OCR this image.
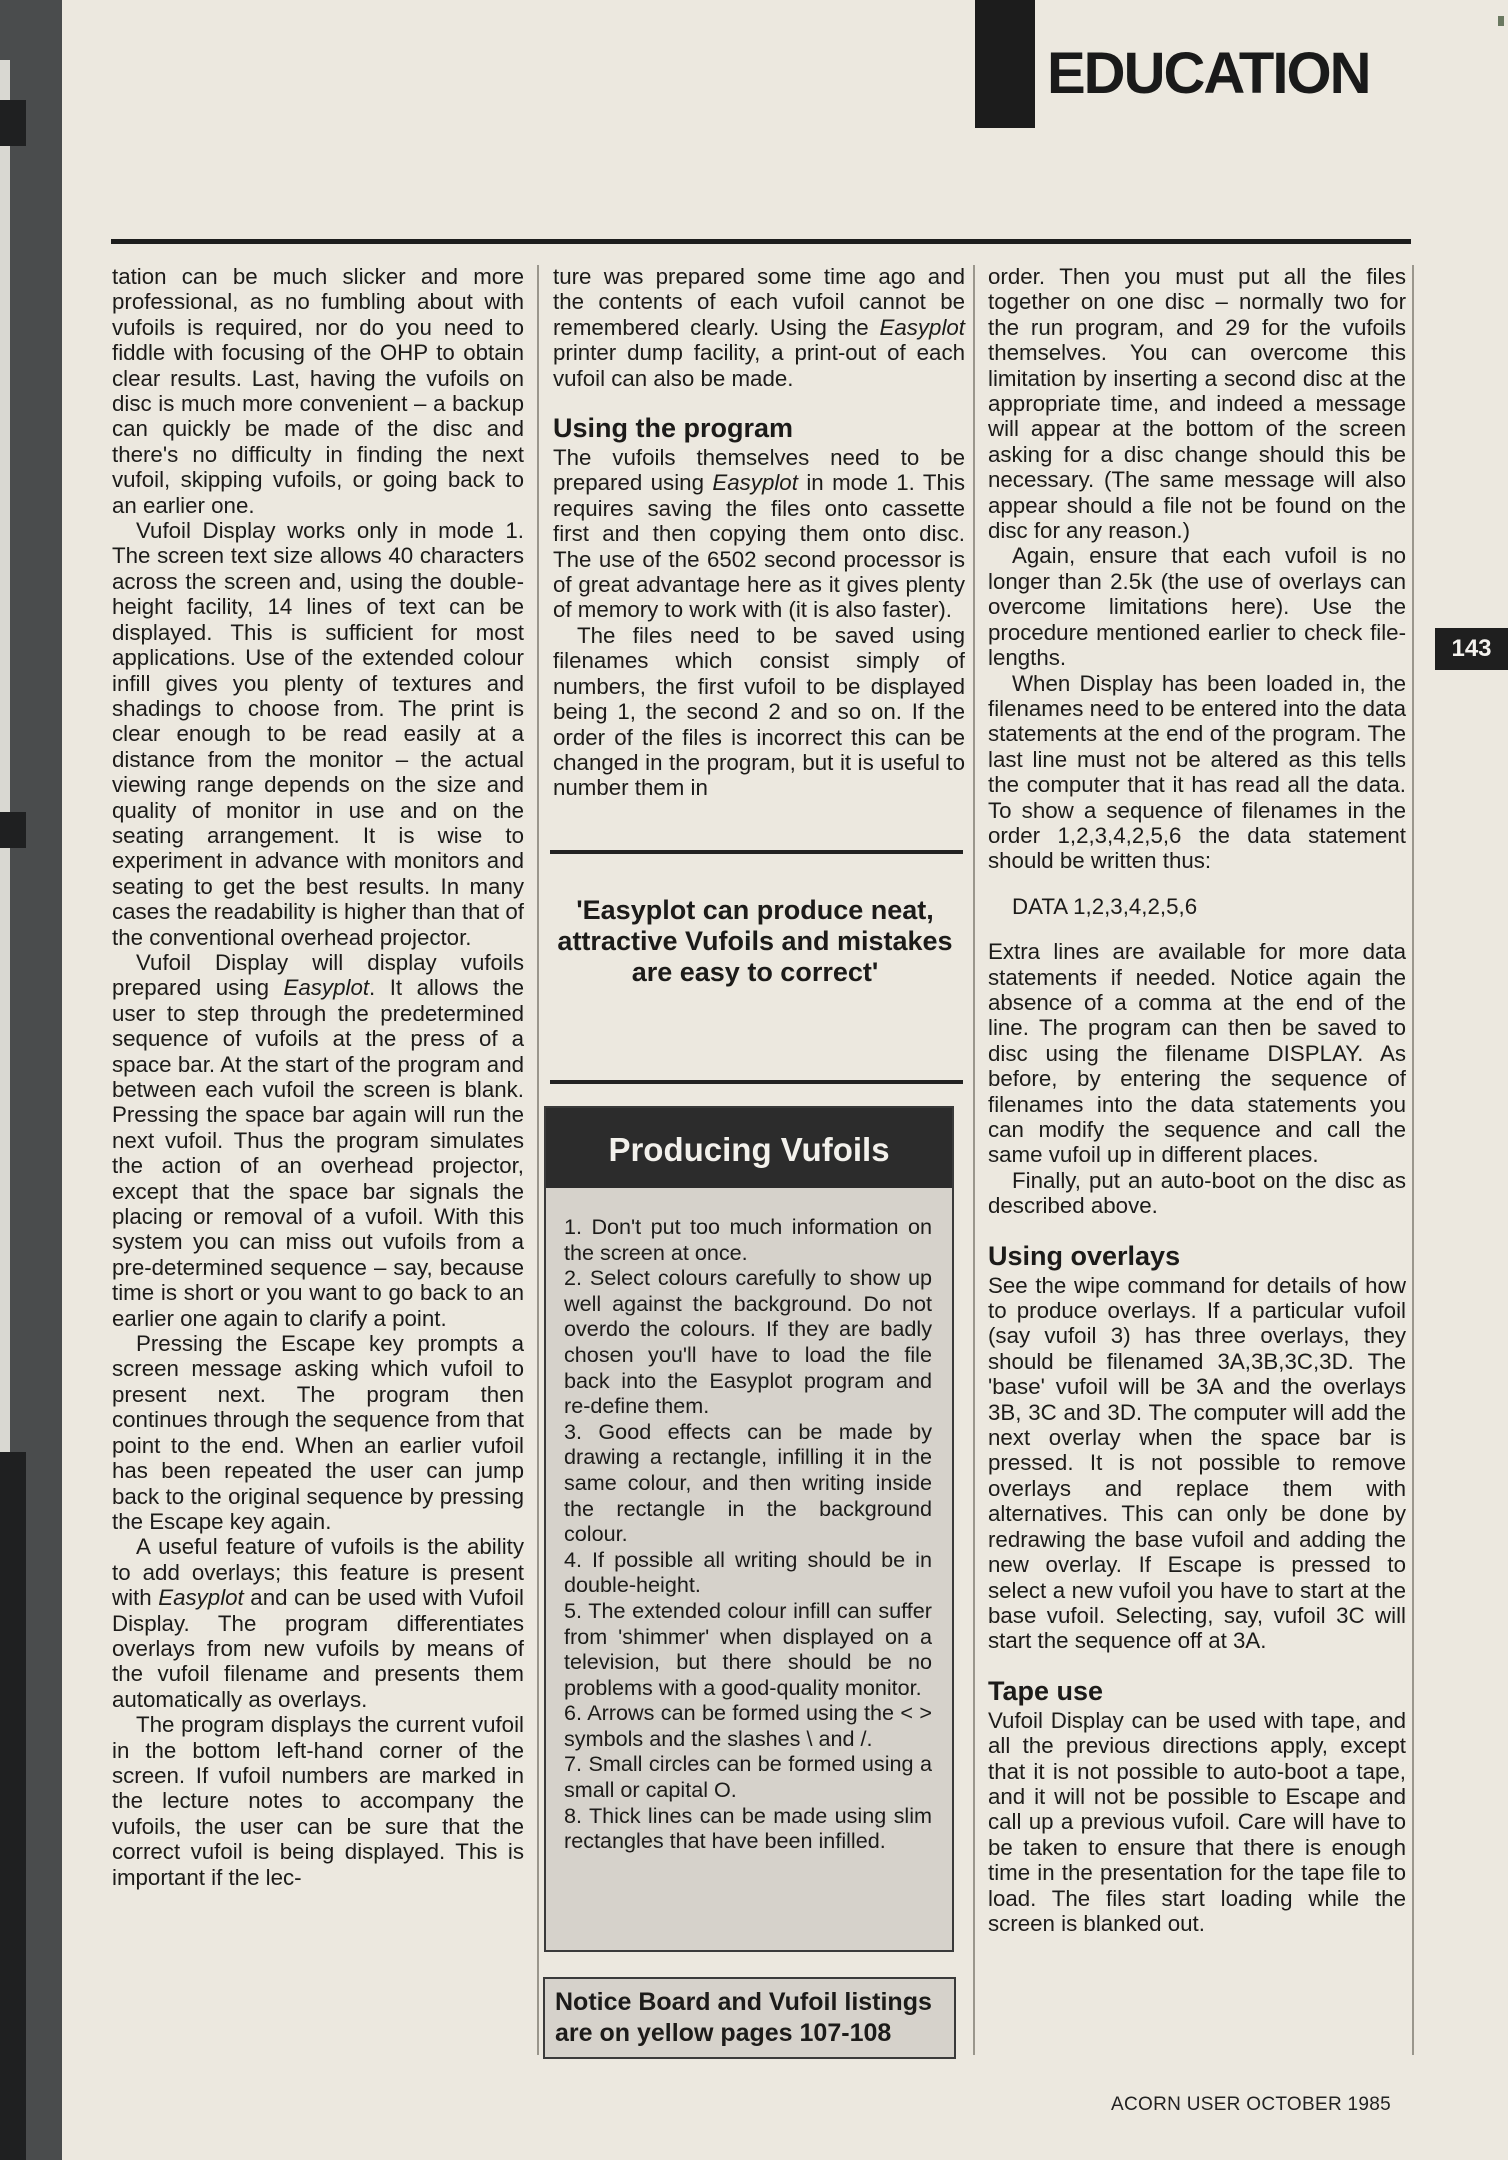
EDUCATION

tation can be much slicker and more professional, as no fumbling about with vufoils is required, nor do you need to fiddle with focusing of the OHP to obtain clear results. Last, having the vufoils on disc is much more convenient – a backup can quickly be made of the disc and there's no difficulty in finding the next vufoil, skipping vufoils, or going back to an earlier one.

Vufoil Display works only in mode 1. The screen text size allows 40 characters across the screen and, using the double-height facility, 14 lines of text can be displayed. This is sufficient for most applications. Use of the extended colour infill gives you plenty of textures and shadings to choose from. The print is clear enough to be read easily at a distance from the monitor – the actual viewing range depends on the size and quality of monitor in use and on the seating arrangement. It is wise to experiment in advance with monitors and seating to get the best results. In many cases the readability is higher than that of the conventional overhead projector.

Vufoil Display will display vufoils prepared using Easyplot. It allows the user to step through the predetermined sequence of vufoils at the press of a space bar. At the start of the program and between each vufoil the screen is blank. Pressing the space bar again will run the next vufoil. Thus the program simulates the action of an overhead projector, except that the space bar signals the placing or removal of a vufoil. With this system you can miss out vufoils from a pre-determined sequence – say, because time is short or you want to go back to an earlier one again to clarify a point.

Pressing the Escape key prompts a screen message asking which vufoil to present next. The program then continues through the sequence from that point to the end. When an earlier vufoil has been repeated the user can jump back to the original sequence by pressing the Escape key again.

A useful feature of vufoils is the ability to add overlays; this feature is present with Easyplot and can be used with Vufoil Display. The program differentiates overlays from new vufoils by means of the vufoil filename and presents them automatically as overlays.

The program displays the current vufoil in the bottom left-hand corner of the screen. If vufoil numbers are marked in the lecture notes to accompany the vufoils, the user can be sure that the correct vufoil is being displayed. This is important if the lec-

ture was prepared some time ago and the contents of each vufoil cannot be remembered clearly. Using the Easyplot printer dump facility, a print-out of each vufoil can also be made.

Using the program

The vufoils themselves need to be prepared using Easyplot in mode 1. This requires saving the files onto cassette first and then copying them onto disc. The use of the 6502 second processor is of great advantage here as it gives plenty of memory to work with (it is also faster).

The files need to be saved using filenames which consist simply of numbers, the first vufoil to be displayed being 1, the second 2 and so on. If the order of the files is incorrect this can be changed in the program, but it is useful to number them in

'Easyplot can produce neat, attractive Vufoils and mistakes are easy to correct'

Producing Vufoils
1. Don't put too much information on the screen at once.
2. Select colours carefully to show up well against the background. Do not overdo the colours. If they are badly chosen you'll have to load the file back into the Easyplot program and re-define them.
3. Good effects can be made by drawing a rectangle, infilling it in the same colour, and then writing inside the rectangle in the background colour.
4. If possible all writing should be in double-height.
5. The extended colour infill can suffer from 'shimmer' when displayed on a television, but there should be no problems with a good-quality monitor.
6. Arrows can be formed using the < > symbols and the slashes \ and /.
7. Small circles can be formed using a small or capital O.
8. Thick lines can be made using slim rectangles that have been infilled.
Notice Board and Vufoil listings are on yellow pages 107-108

order. Then you must put all the files together on one disc – normally two for the run program, and 29 for the vufoils themselves. You can overcome this limitation by inserting a second disc at the appropriate time, and indeed a message will appear at the bottom of the screen asking for a disc change should this be necessary. (The same message will also appear should a file not be found on the disc for any reason.)

Again, ensure that each vufoil is no longer than 2.5k (the use of overlays can overcome limitations here). Use the procedure mentioned earlier to check file-lengths.

When Display has been loaded in, the filenames need to be entered into the data statements at the end of the program. The last line must not be altered as this tells the computer that it has read all the data. To show a sequence of filenames in the order 1,2,3,4,2,5,6 the data statement should be written thus:

DATA 1,2,3,4,2,5,6

Extra lines are available for more data statements if needed. Notice again the absence of a comma at the end of the line. The program can then be saved to disc using the filename DISPLAY. As before, by entering the sequence of filenames into the data statements you can modify the sequence and call the same vufoil up in different places.

Finally, put an auto-boot on the disc as described above.

Using overlays

See the wipe command for details of how to produce overlays. If a particular vufoil (say vufoil 3) has three overlays, they should be filenamed 3A,3B,3C,3D. The 'base' vufoil will be 3A and the overlays 3B, 3C and 3D. The computer will add the next overlay when the space bar is pressed. It is not possible to remove overlays and replace them with alternatives. This can only be done by redrawing the base vufoil and adding the new overlay. If Escape is pressed to select a new vufoil you have to start at the base vufoil. Selecting, say, vufoil 3C will start the sequence off at 3A.

Tape use

Vufoil Display can be used with tape, and all the previous directions apply, except that it is not possible to auto-boot a tape, and it will not be possible to Escape and call up a previous vufoil. Care will have to be taken to ensure that there is enough time in the presentation for the tape file to load. The files start loading while the screen is blanked out.

143
ACORN USER OCTOBER 1985
